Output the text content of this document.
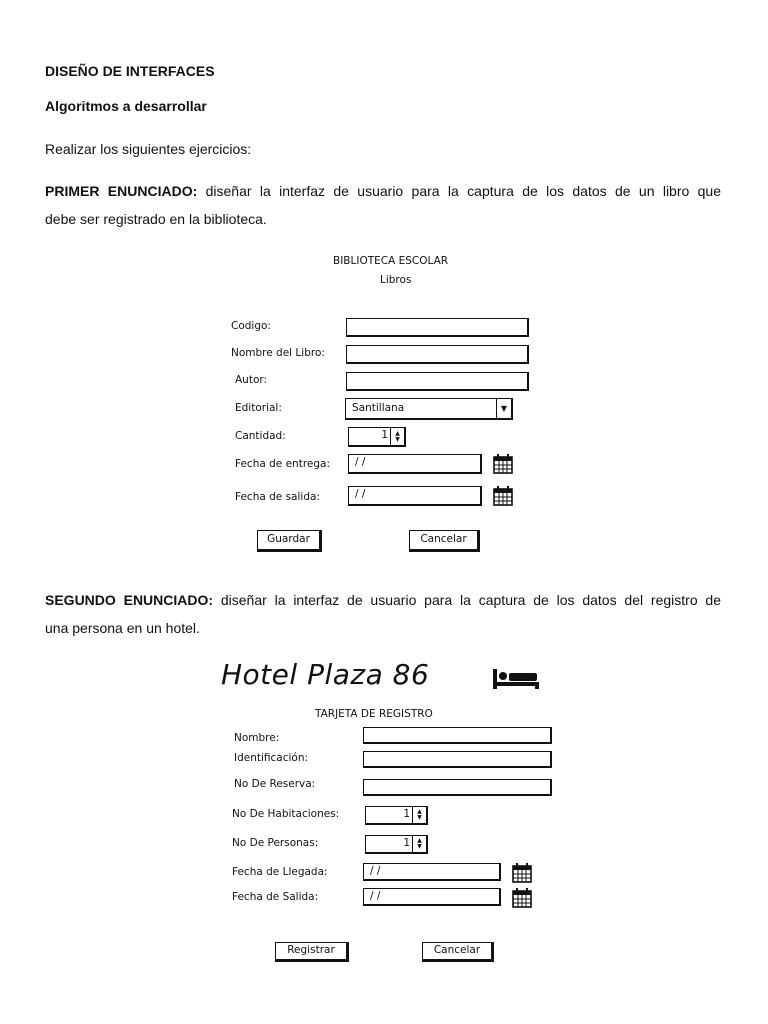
DISEÑO DE INTERFACES
Algoritmos a desarrollar
Realizar los siguientes ejercicios:
PRIMER ENUNCIADO: diseñar la interfaz de usuario para la captura de los datos de un libro que
debe ser registrado en la biblioteca.
BIBLIOTECA ESCOLAR
Libros
Codigo:
Nombre del Libro:
Autor:
Editorial:	Santillana	▼
Cantidad:	1	▲
▼
Fecha de entrega:	/ /
Fecha de salida:	/ /
Guardar	Cancelar
SEGUNDO ENUNCIADO: diseñar la interfaz de usuario para la captura de los datos del registro de
una persona en un hotel.
Hotel Plaza 86
TARJETA DE REGISTRO
Nombre:
Identificación:
No De Reserva:
No De Habitaciones:	1	▲
▼
No De Personas:	1	▲
▼
Fecha de Llegada:	/ /
Fecha de Salida:	/ /
Registrar	Cancelar
